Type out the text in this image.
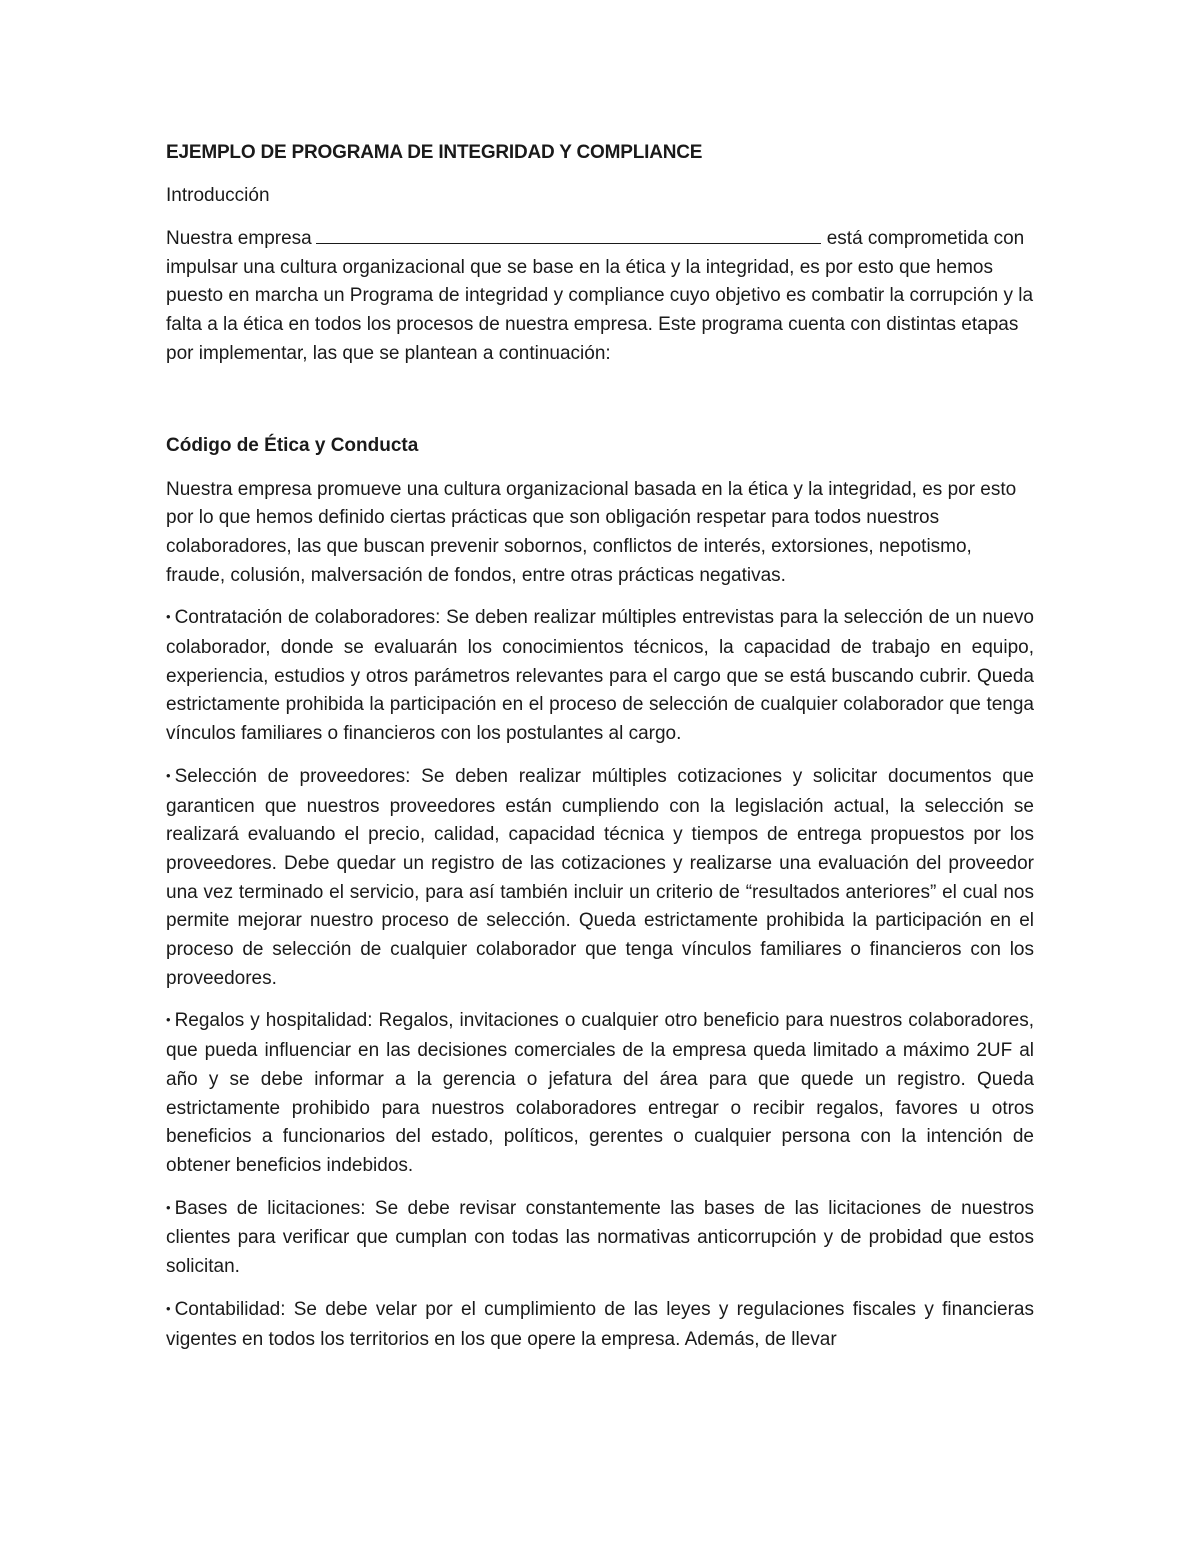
EJEMPLO DE PROGRAMA DE INTEGRIDAD Y COMPLIANCE
Introducción

Nuestra empresa	está comprometida con impulsar una cultura organizacional que se base en la ética y la integridad, es por esto que hemos puesto en marcha un Programa de integridad y compliance cuyo objetivo es combatir la corrupción y la falta a la ética en todos los procesos de nuestra empresa. Este programa cuenta con distintas etapas por implementar, las que se plantean a continuación:

Código de Ética y Conducta

Nuestra empresa promueve una cultura organizacional basada en la ética y la integridad, es por esto por lo que hemos definido ciertas prácticas que son obligación respetar para todos nuestros colaboradores, las que buscan prevenir sobornos, conflictos de interés, extorsiones, nepotismo, fraude, colusión, malversación de fondos, entre otras prácticas negativas.

• Contratación de colaboradores: Se deben realizar múltiples entrevistas para la selección de un nuevo colaborador, donde se evaluarán los conocimientos técnicos, la capacidad de trabajo en equipo, experiencia, estudios y otros parámetros relevantes para el cargo que se está buscando cubrir. Queda estrictamente prohibida la participación en el proceso de selección de cualquier colaborador que tenga vínculos familiares o financieros con los postulantes al cargo.

• Selección de proveedores: Se deben realizar múltiples cotizaciones y solicitar documentos que garanticen que nuestros proveedores están cumpliendo con la legislación actual, la selección se realizará evaluando el precio, calidad, capacidad técnica y tiempos de entrega propuestos por los proveedores. Debe quedar un registro de las cotizaciones y realizarse una evaluación del proveedor una vez terminado el servicio, para así también incluir un criterio de “resultados anteriores” el cual nos permite mejorar nuestro proceso de selección. Queda estrictamente prohibida la participación en el proceso de selección de cualquier colaborador que tenga vínculos familiares o financieros con los proveedores.

• Regalos y hospitalidad: Regalos, invitaciones o cualquier otro beneficio para nuestros colaboradores, que pueda influenciar en las decisiones comerciales de la empresa queda limitado a máximo 2UF al año y se debe informar a la gerencia o jefatura del área para que quede un registro. Queda estrictamente prohibido para nuestros colaboradores entregar o recibir regalos, favores u otros beneficios a funcionarios del estado, políticos, gerentes o cualquier persona con la intención de obtener beneficios indebidos.

• Bases de licitaciones: Se debe revisar constantemente las bases de las licitaciones de nuestros clientes para verificar que cumplan con todas las normativas anticorrupción y de probidad que estos solicitan.

• Contabilidad: Se debe velar por el cumplimiento de las leyes y regulaciones fiscales y financieras vigentes en todos los territorios en los que opere la empresa. Además, de llevar
